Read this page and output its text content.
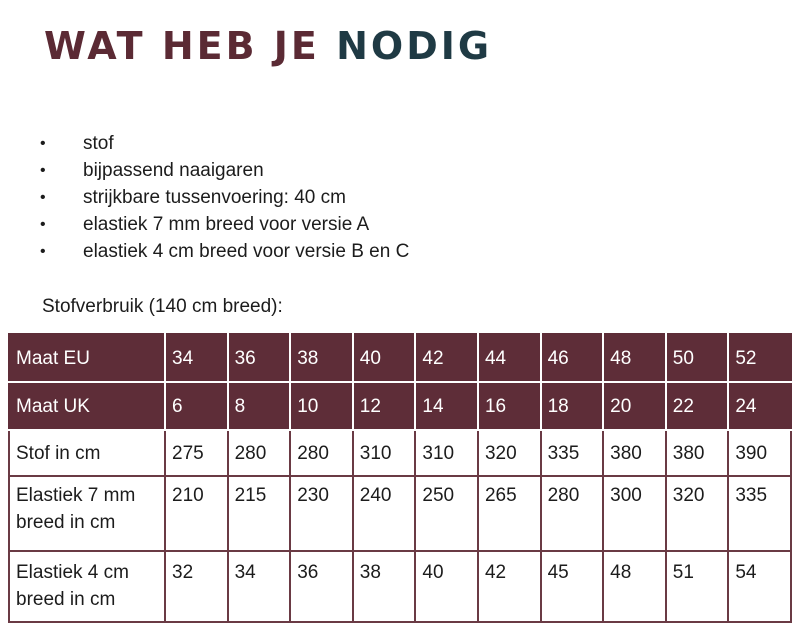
WAT HEB JE NODIG
• stof
• bijpassend naaigaren
• strijkbare tussenvoering: 40 cm
• elastiek 7 mm breed voor versie A
• elastiek 4 cm breed voor versie B en C
Stofverbruik (140 cm breed):
Maat EU	34	36	38	40	42	44	46	48	50	52
Maat UK	6	8	10	12	14	16	18	20	22	24
Stof in cm	275	280	280	310	310	320	335	380	380	390
Elastiek 7 mm breed in cm	210	215	230	240	250	265	280	300	320	335
Elastiek 4 cm breed in cm	32	34	36	38	40	42	45	48	51	54
